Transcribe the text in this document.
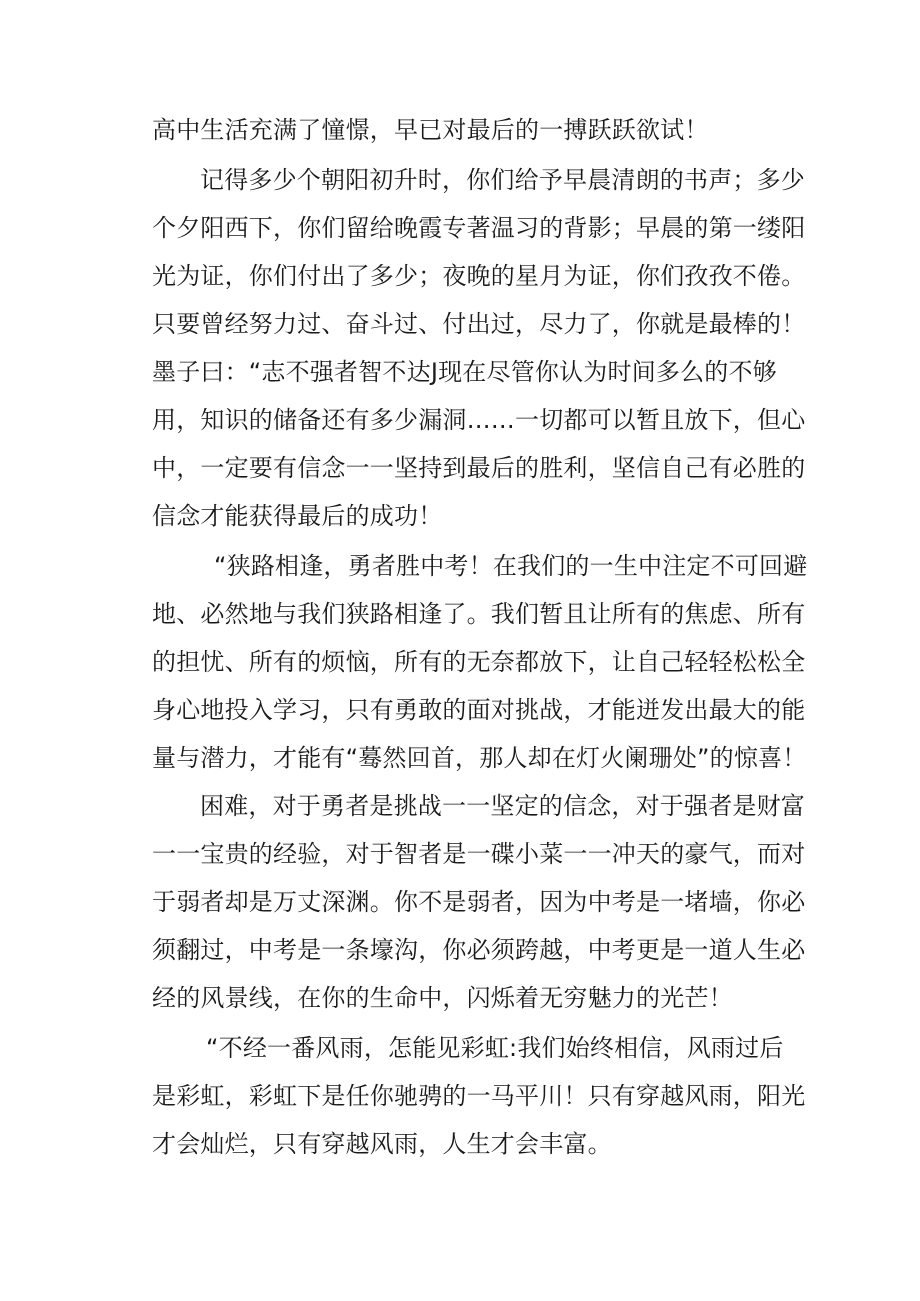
高中生活充满了憧憬，早已对最后的一搏跃跃欲试！
记得多少个朝阳初升时，你们给予早晨清朗的书声；多少
个夕阳西下，你们留给晚霞专著温习的背影；早晨的第一缕阳
光为证，你们付出了多少；夜晚的星月为证，你们孜孜不倦。
只要曾经努力过、奋斗过、付出过，尽力了，你就是最棒的！
墨子曰：“志不强者智不达J现在尽管你认为时间多么的不够
用，知识的储备还有多少漏洞……一切都可以暂且放下，但心
中，一定要有信念一一坚持到最后的胜利，坚信自己有必胜的
信念才能获得最后的成功！
“狭路相逢，勇者胜中考！在我们的一生中注定不可回避
地、必然地与我们狭路相逢了。我们暂且让所有的焦虑、所有
的担忧、所有的烦恼，所有的无奈都放下，让自己轻轻松松全
身心地投入学习，只有勇敢的面对挑战，才能迸发出最大的能
量与潜力，才能有“蓦然回首，那人却在灯火阑珊处”的惊喜！
困难，对于勇者是挑战一一坚定的信念，对于强者是财富
一一宝贵的经验，对于智者是一碟小菜一一冲天的豪气，而对
于弱者却是万丈深渊。你不是弱者，因为中考是一堵墙，你必
须翻过，中考是一条壕沟，你必须跨越，中考更是一道人生必
经的风景线，在你的生命中，闪烁着无穷魅力的光芒！
“不经一番风雨，怎能见彩虹:我们始终相信，风雨过后
是彩虹，彩虹下是任你驰骋的一马平川！只有穿越风雨，阳光
才会灿烂，只有穿越风雨，人生才会丰富。
